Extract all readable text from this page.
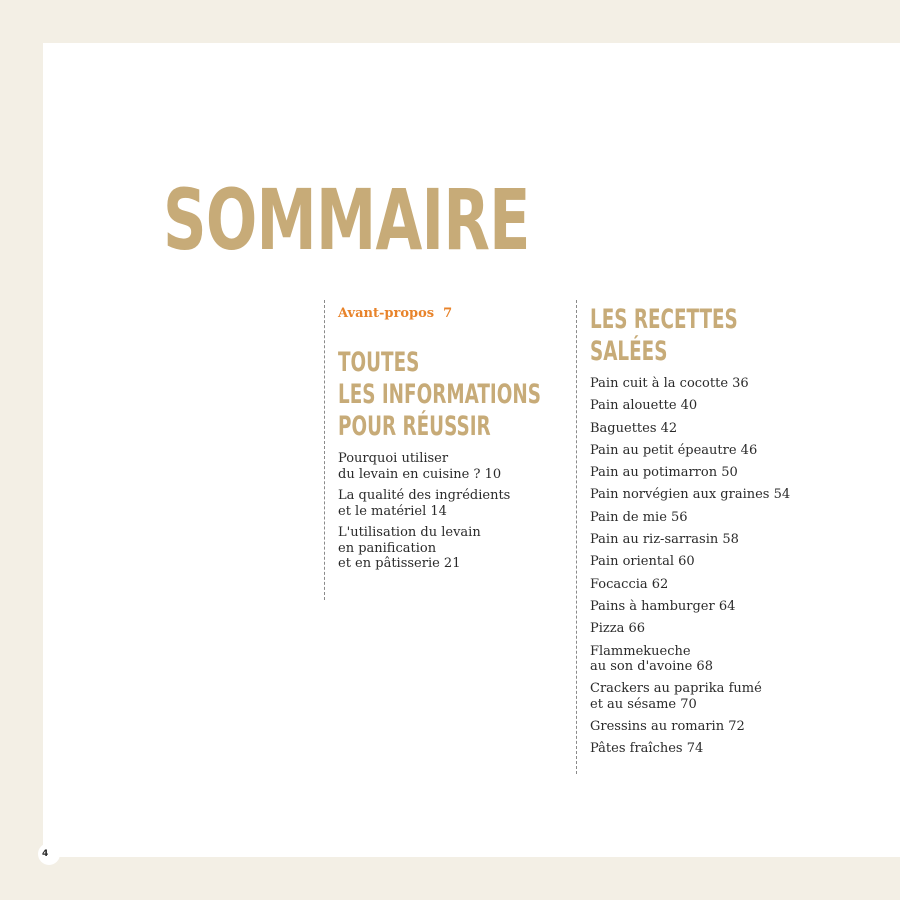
SOMMAIRE
Avant-propos 7
TOUTES
LES INFORMATIONS
POUR RÉUSSIR
Pourquoi utiliser
du levain en cuisine ? 10
La qualité des ingrédients
et le matériel 14
L'utilisation du levain
en panification
et en pâtisserie 21
LES RECETTES
SALÉES
Pain cuit à la cocotte 36
Pain alouette 40
Baguettes 42
Pain au petit épeautre 46
Pain au potimarron 50
Pain norvégien aux graines 54
Pain de mie 56
Pain au riz-sarrasin 58
Pain oriental 60
Focaccia 62
Pains à hamburger 64
Pizza 66
Flammekueche
au son d'avoine 68
Crackers au paprika fumé
et au sésame 70
Gressins au romarin 72
Pâtes fraîches 74
4
